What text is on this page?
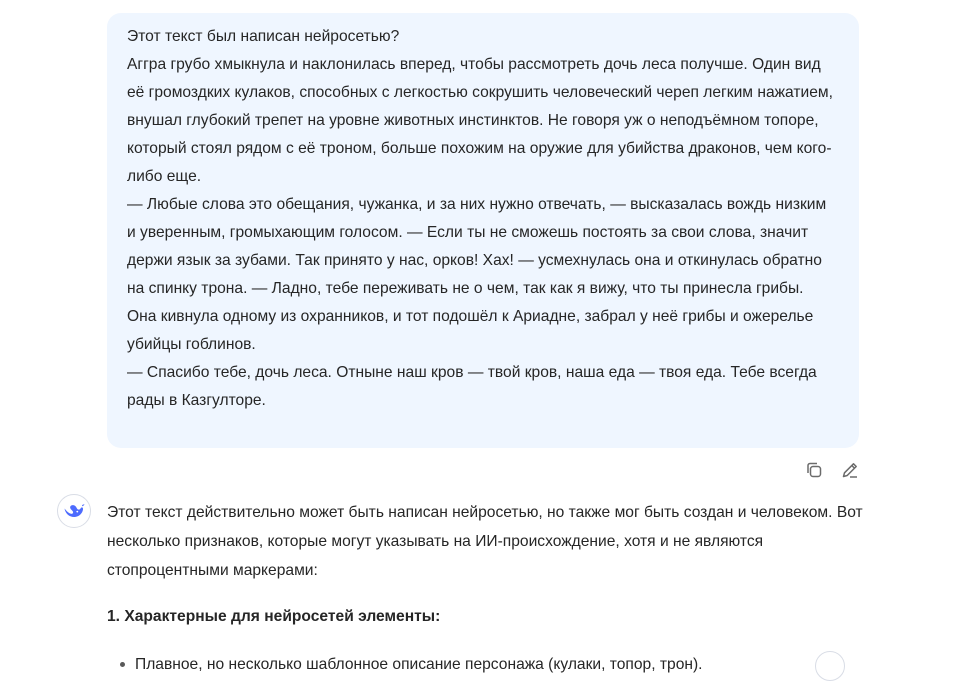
Этот текст был написан нейросетью?

Аггра грубо хмыкнула и наклонилась вперед, чтобы рассмотреть дочь леса получше. Один вид её громоздких кулаков, способных с легкостью сокрушить человеческий череп легким нажатием, внушал глубокий трепет на уровне животных инстинктов. Не говоря уж о неподъёмном топоре, который стоял рядом с её троном, больше похожим на оружие для убийства драконов, чем кого-либо еще.

— Любые слова это обещания, чужанка, и за них нужно отвечать, — высказалась вождь низким и уверенным, громыхающим голосом. — Если ты не сможешь постоять за свои слова, значит держи язык за зубами. Так принято у нас, орков! Хах! — усмехнулась она и откинулась обратно на спинку трона. — Ладно, тебе переживать не о чем, так как я вижу, что ты принесла грибы.

Она кивнула одному из охранников, и тот подошёл к Ариадне, забрал у неё грибы и ожерелье убийцы гоблинов.

— Спасибо тебе, дочь леса. Отныне наш кров — твой кров, наша еда — твоя еда. Тебе всегда рады в Казгулторе.

Этот текст действительно может быть написан нейросетью, но также мог быть создан и человеком. Вот несколько признаков, которые могут указывать на ИИ-происхождение, хотя и не являются стопроцентными маркерами:

1. Характерные для нейросетей элементы:

Плавное, но несколько шаблонное описание персонажа (кулаки, топор, трон).
